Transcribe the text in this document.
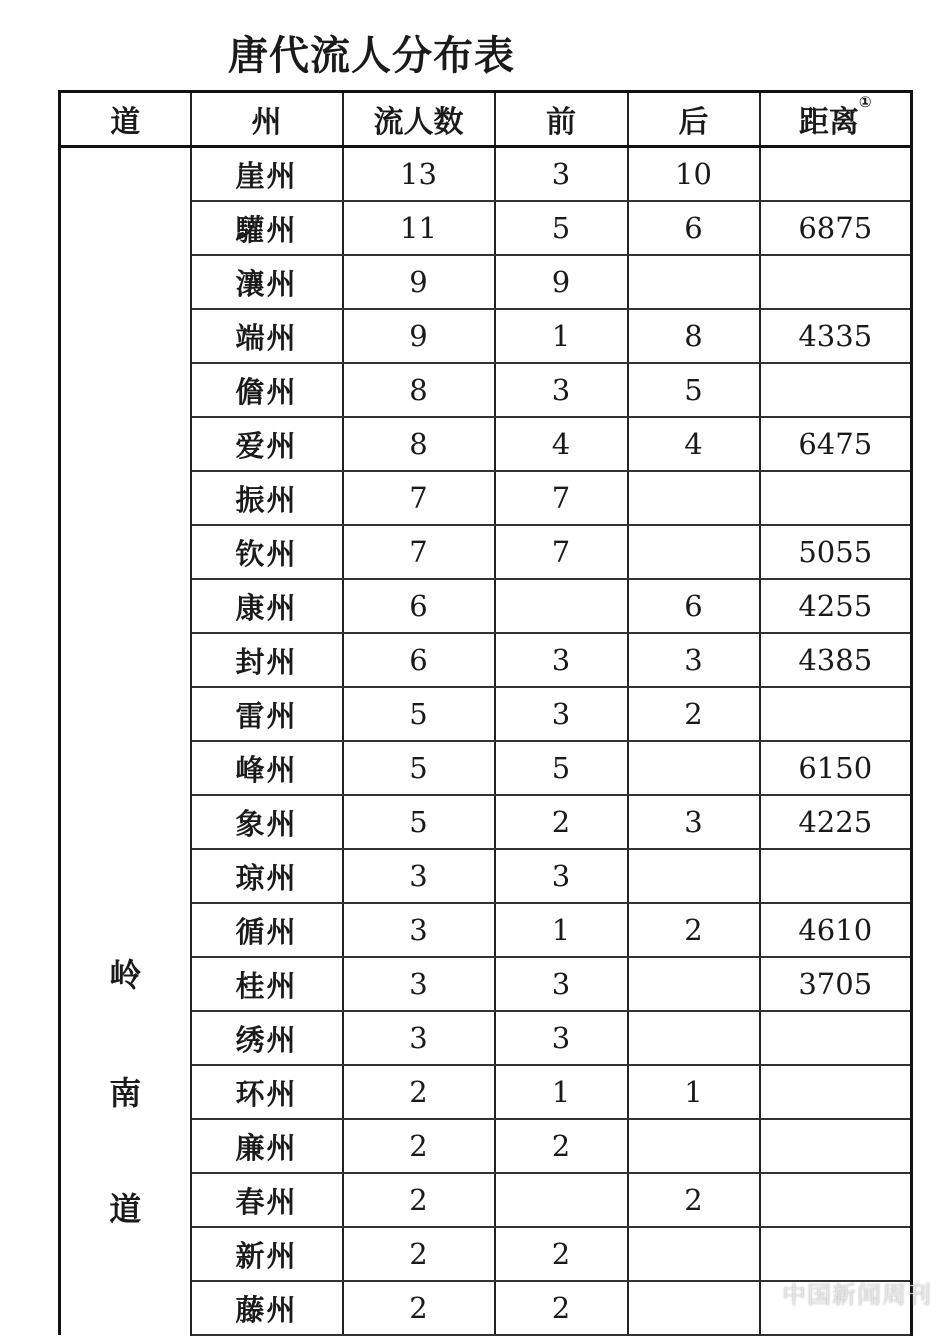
唐代流人分布表
道	州	流人数	前	后	距离①

岭
南
道	崖州	13	3	10	
	驩州	11	5	6	6875
	瀼州	9	9		
	端州	9	1	8	4335
	儋州	8	3	5	
	爱州	8	4	4	6475
	振州	7	7		
	钦州	7	7		5055
	康州	6		6	4255
	封州	6	3	3	4385
	雷州	5	3	2	
	峰州	5	5		6150
	象州	5	2	3	4225
	琼州	3	3		
	循州	3	1	2	4610
	桂州	3	3		3705
	绣州	3	3		
	环州	2	1	1	
	廉州	2	2		
	春州	2		2	
	新州	2	2		
	藤州	2	2			中国新闻周刊
